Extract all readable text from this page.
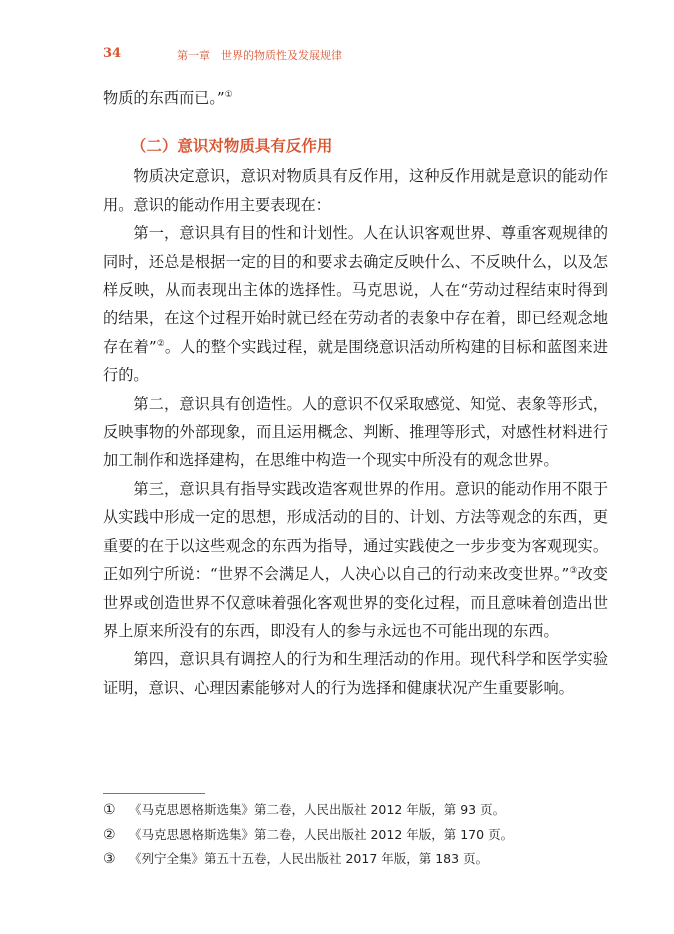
34	第一章　世界的物质性及发展规律

物质的东西而已。”①

（二）意识对物质具有反作用

物质决定意识，意识对物质具有反作用，这种反作用就是意识的能动作用。意识的能动作用主要表现在：

第一，意识具有目的性和计划性。人在认识客观世界、尊重客观规律的同时，还总是根据一定的目的和要求去确定反映什么、不反映什么，以及怎样反映，从而表现出主体的选择性。马克思说，人在“劳动过程结束时得到的结果，在这个过程开始时就已经在劳动者的表象中存在着，即已经观念地存在着”②。人的整个实践过程，就是围绕意识活动所构建的目标和蓝图来进行的。

第二，意识具有创造性。人的意识不仅采取感觉、知觉、表象等形式，反映事物的外部现象，而且运用概念、判断、推理等形式，对感性材料进行加工制作和选择建构，在思维中构造一个现实中所没有的观念世界。

第三，意识具有指导实践改造客观世界的作用。意识的能动作用不限于从实践中形成一定的思想，形成活动的目的、计划、方法等观念的东西，更重要的在于以这些观念的东西为指导，通过实践使之一步步变为客观现实。正如列宁所说：“世界不会满足人，人决心以自己的行动来改变世界。”③改变世界或创造世界不仅意味着强化客观世界的变化过程，而且意味着创造出世界上原来所没有的东西，即没有人的参与永远也不可能出现的东西。

第四，意识具有调控人的行为和生理活动的作用。现代科学和医学实验证明，意识、心理因素能够对人的行为选择和健康状况产生重要影响。

①	《马克思恩格斯选集》第二卷，人民出版社 2012 年版，第 93 页。
②	《马克思恩格斯选集》第二卷，人民出版社 2012 年版，第 170 页。
③	《列宁全集》第五十五卷，人民出版社 2017 年版，第 183 页。
